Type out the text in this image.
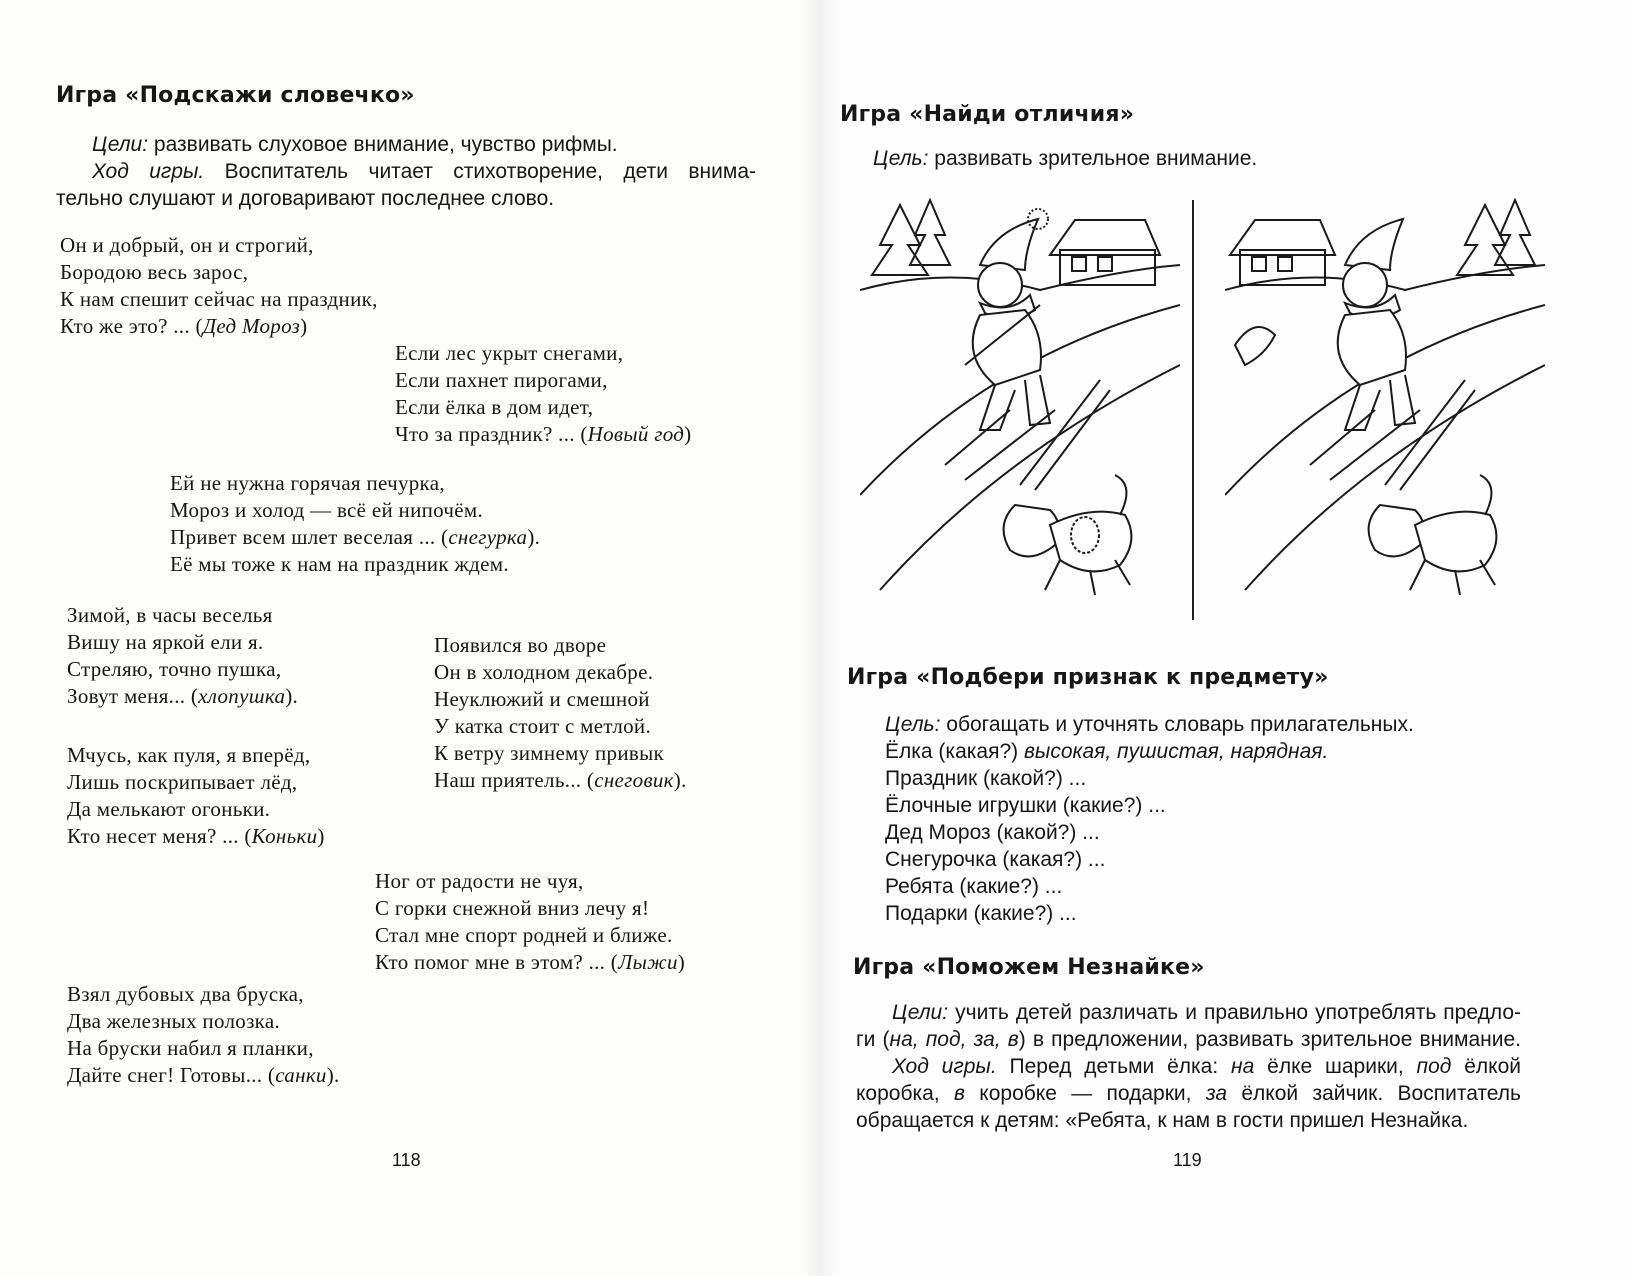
Игра «Подскажи словечко»
Цели: развивать слуховое внимание, чувство рифмы.
Ход игры. Воспитатель читает стихотворение, дети внима-
тельно слушают и договаривают последнее слово.
Он и добрый, он и строгий,
Бородою весь зарос,
К нам спешит сейчас на праздник,
Кто же это? ... (Дед Мороз)
Если лес укрыт снегами,
Если пахнет пирогами,
Если ёлка в дом идет,
Что за праздник? ... (Новый год)
Ей не нужна горячая печурка,
Мороз и холод — всё ей нипочём.
Привет всем шлет веселая ... (снегурка).
Её мы тоже к нам на праздник ждем.
Зимой, в часы веселья
Вишу на яркой ели я.
Стреляю, точно пушка,
Зовут меня... (хлопушка).
Появился во дворе
Он в холодном декабре.
Неуклюжий и смешной
У катка стоит с метлой.
К ветру зимнему привык
Наш приятель... (снеговик).
Мчусь, как пуля, я вперёд,
Лишь поскрипывает лёд,
Да мелькают огоньки.
Кто несет меня? ... (Коньки)
Ног от радости не чуя,
С горки снежной вниз лечу я!
Стал мне спорт родней и ближе.
Кто помог мне в этом? ... (Лыжи)
Взял дубовых два бруска,
Два железных полозка.
На бруски набил я планки,
Дайте снег! Готовы... (санки).
118
Игра «Найди отличия»
Цель: развивать зрительное внимание.
Игра «Подбери признак к предмету»
Цель: обогащать и уточнять словарь прилагательных.
Ёлка (какая?) высокая, пушистая, нарядная.
Праздник (какой?) ...
Ёлочные игрушки (какие?) ...
Дед Мороз (какой?) ...
Снегурочка (какая?) ...
Ребята (какие?) ...
Подарки (какие?) ...
Игра «Поможем Незнайке»
Цели: учить детей различать и правильно употреблять предло-
ги (на, под, за, в) в предложении, развивать зрительное внимание.
Ход игры. Перед детьми ёлка: на ёлке шарики, под ёлкой
коробка, в коробке — подарки, за ёлкой зайчик. Воспитатель
обращается к детям: «Ребята, к нам в гости пришел Незнайка.
119
